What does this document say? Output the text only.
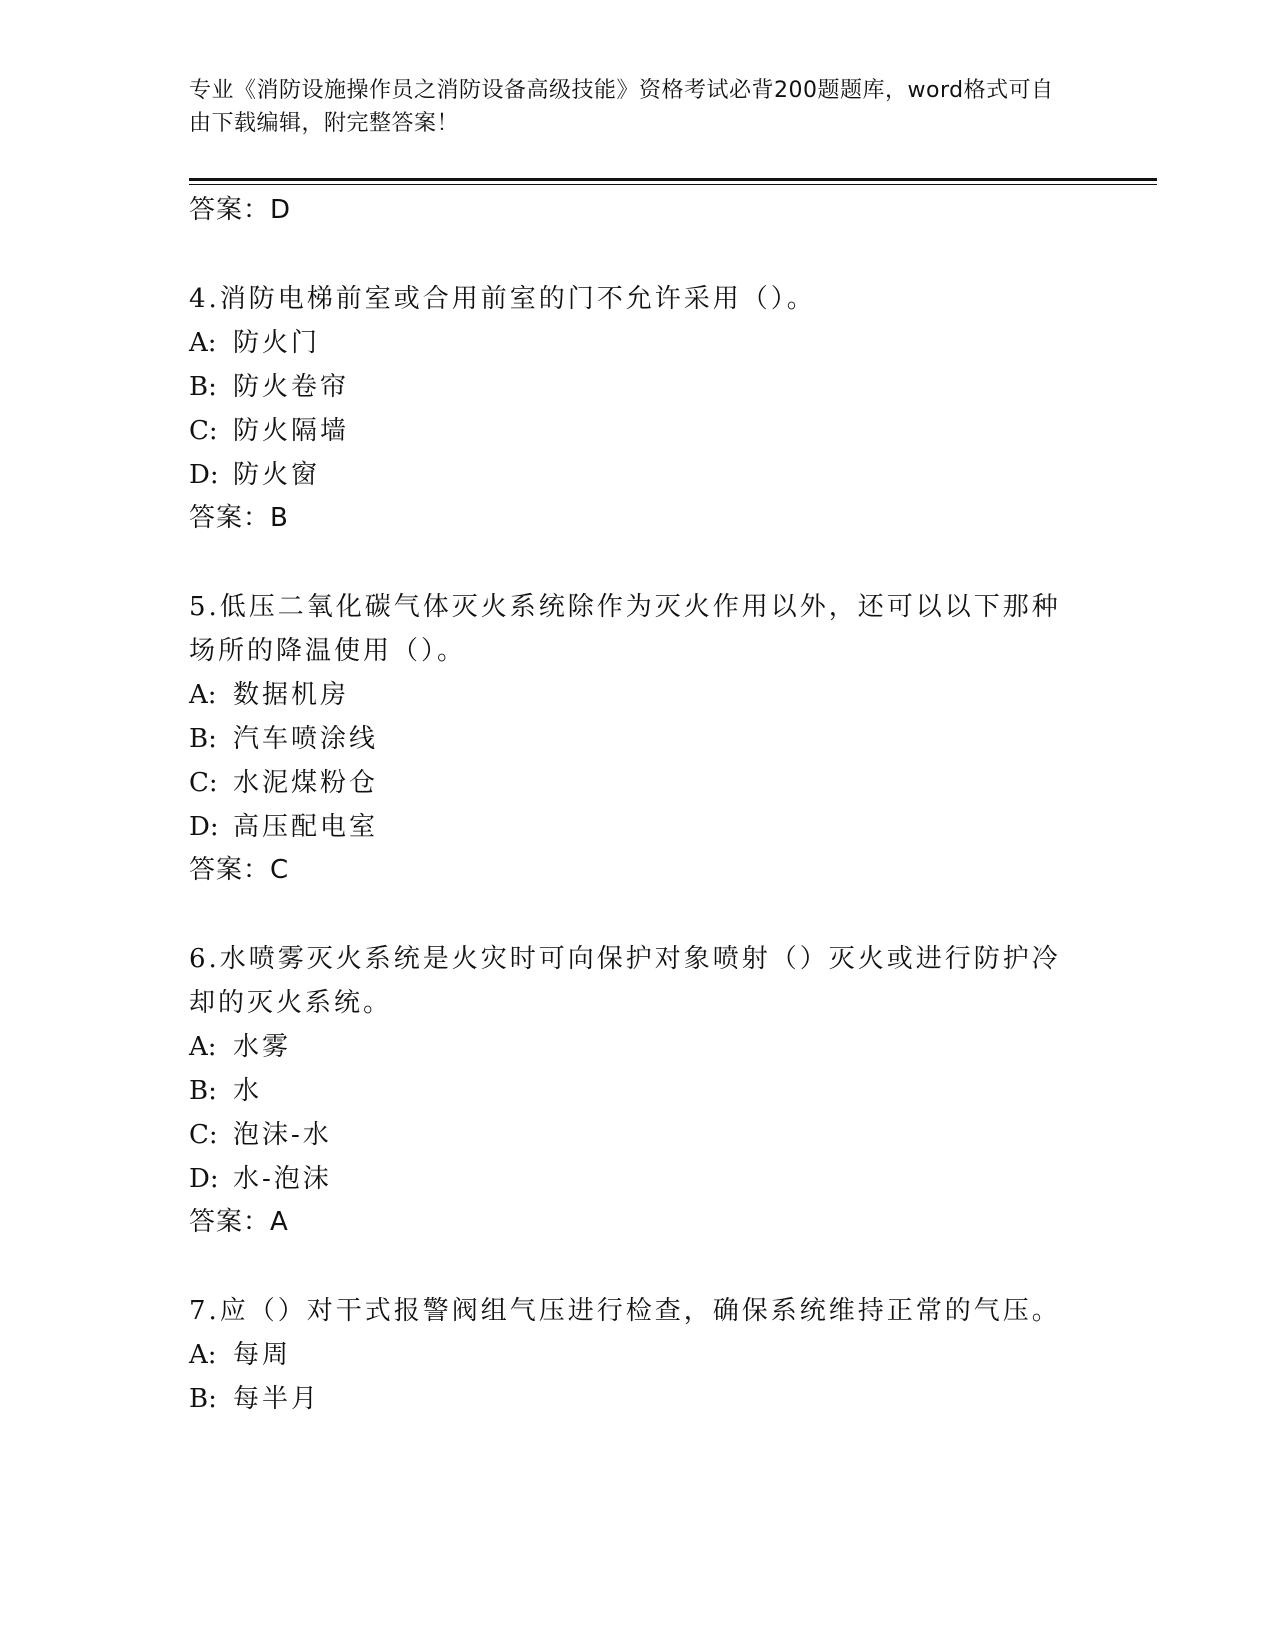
专业《消防设施操作员之消防设备高级技能》资格考试必背200题题库，word格式可自由下载编辑，附完整答案！
答案：D
4.消防电梯前室或合用前室的门不允许采用（）。
A: 防火门
B: 防火卷帘
C: 防火隔墙
D: 防火窗
答案：B
5.低压二氧化碳气体灭火系统除作为灭火作用以外，还可以以下那种
场所的降温使用（）。
A: 数据机房
B: 汽车喷涂线
C: 水泥煤粉仓
D: 高压配电室
答案：C
6.水喷雾灭火系统是火灾时可向保护对象喷射（）灭火或进行防护冷
却的灭火系统。
A: 水雾
B: 水
C: 泡沫-水
D: 水-泡沫
答案：A
7.应（）对干式报警阀组气压进行检查，确保系统维持正常的气压。
A: 每周
B: 每半月
